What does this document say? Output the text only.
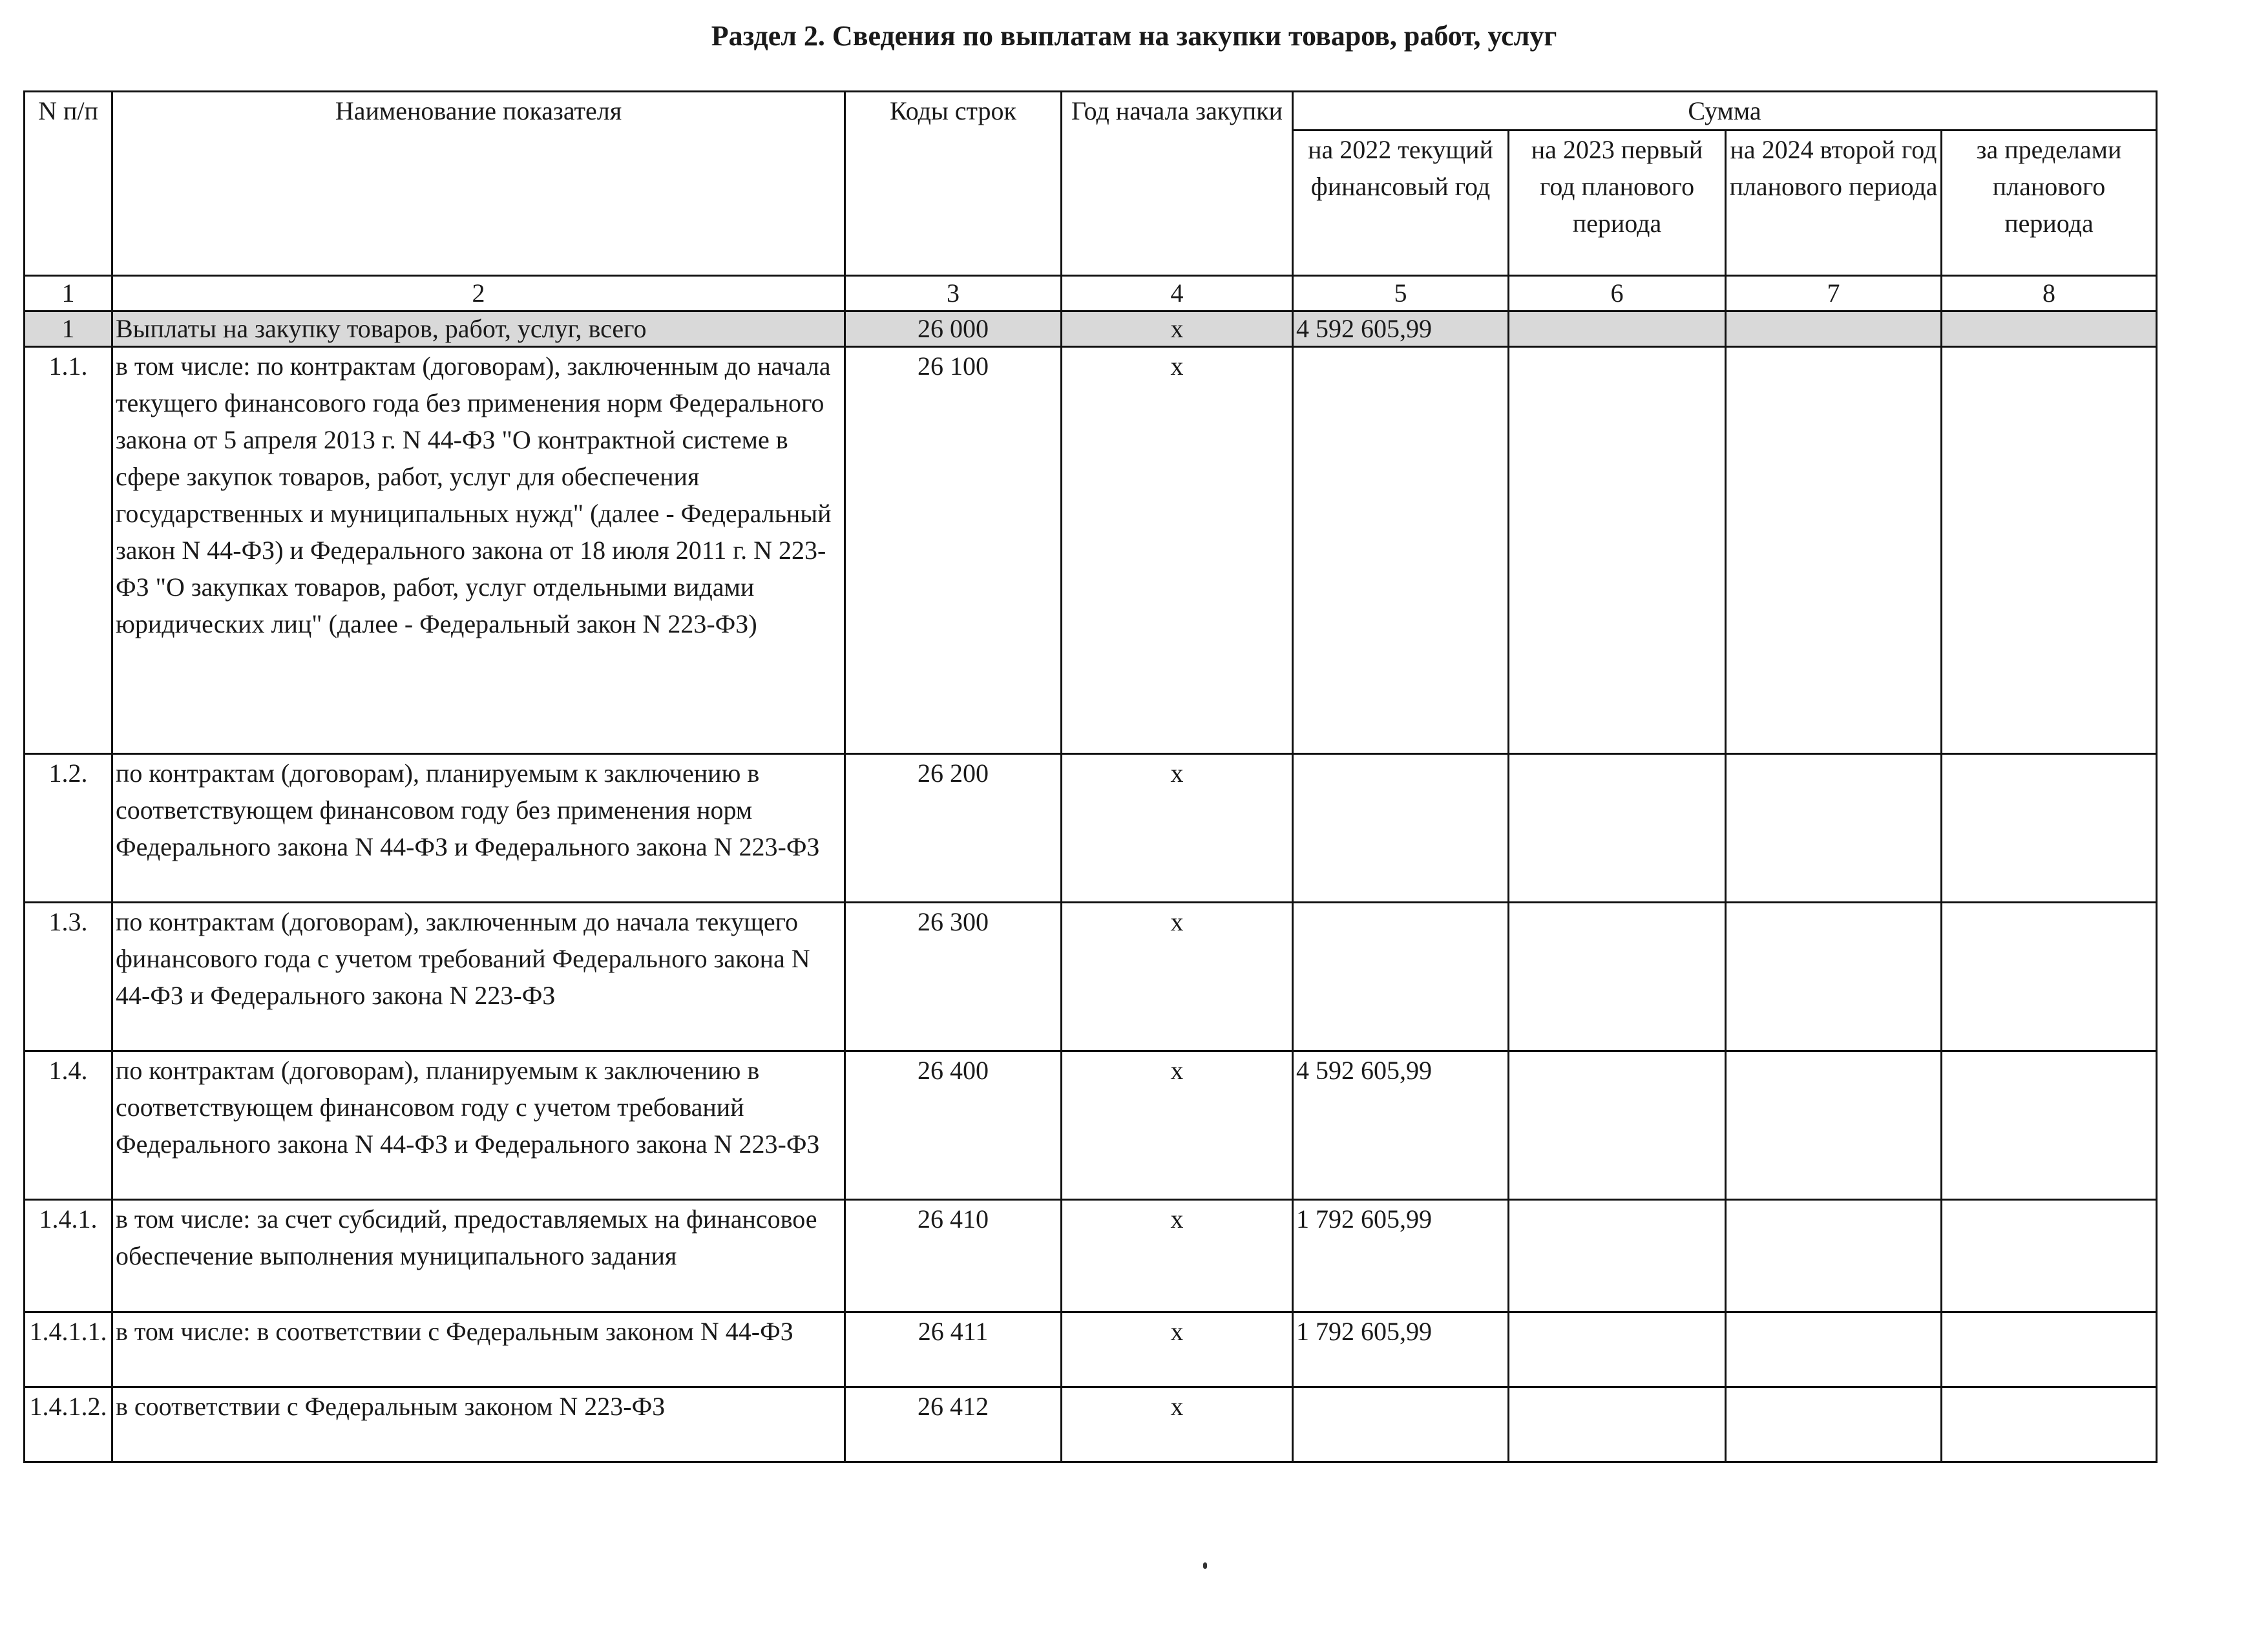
Раздел 2. Сведения по выплатам на закупки товаров, работ, услуг
N п/п	Наименование показателя	Коды строк	Год начала закупки	Сумма			
				на 2022 текущий финансовый год	на 2023 первый год планового периода	на 2024 второй год планового периода	за пределами планового периода
1	2	3	4	5	6	7	8
1	Выплаты на закупку товаров, работ, услуг, всего	26 000	x	4 592 605,99			
1.1.	в том числе: по контрактам (договорам), заключенным до начала текущего финансового года без применения норм Федерального закона от 5 апреля 2013 г. N 44-ФЗ "О контрактной системе в сфере закупок товаров, работ, услуг для обеспечения государственных и муниципальных нужд" (далее - Федеральный закон N 44-ФЗ) и Федерального закона от 18 июля 2011 г. N 223-ФЗ "О закупках товаров, работ, услуг отдельными видами юридических лиц" (далее - Федеральный закон N 223-ФЗ)	26 100	x				
1.2.	по контрактам (договорам), планируемым к заключению в соответствующем финансовом году без применения норм Федерального закона N 44-ФЗ и Федерального закона N 223-ФЗ	26 200	x				
1.3.	по контрактам (договорам), заключенным до начала текущего финансового года с учетом требований Федерального закона N 44-ФЗ и Федерального закона N 223-ФЗ	26 300	x				
1.4.	по контрактам (договорам), планируемым к заключению в соответствующем финансовом году с учетом требований Федерального закона N 44-ФЗ и Федерального закона N 223-ФЗ	26 400	x	4 592 605,99			
1.4.1.	в том числе: за счет субсидий, предоставляемых на финансовое обеспечение выполнения муниципального задания	26 410	x	1 792 605,99			
1.4.1.1.	в том числе: в соответствии с Федеральным законом N 44-ФЗ	26 411	x	1 792 605,99			
1.4.1.2.	в соответствии с Федеральным законом N 223-ФЗ	26 412	x				
